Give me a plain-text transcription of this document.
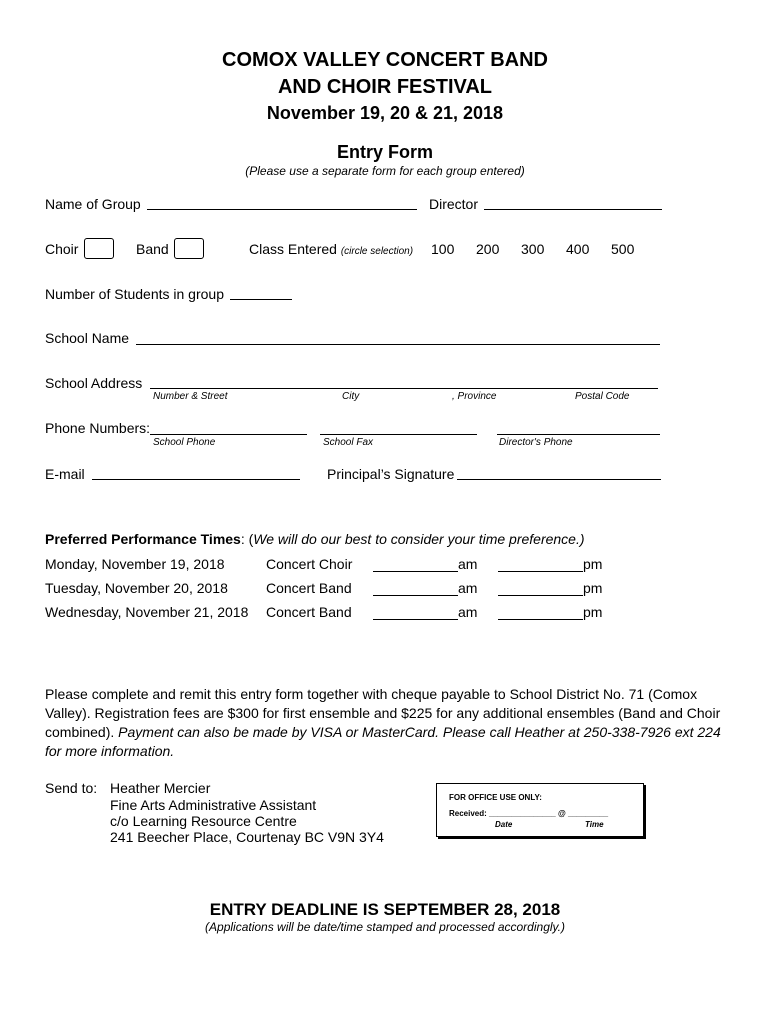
COMOX VALLEY CONCERT BAND
AND CHOIR FESTIVAL
November 19, 20 & 21, 2018
Entry Form
(Please use a separate form for each group entered)
Name of Group	Director
Choir	Band	Class Entered (circle selection) 100 200 300 400 500
Number of Students in group
School Name
School Address
Number & Street	City	, Province	Postal Code
Phone Numbers:
School Phone	School Fax	Director's Phone
E-mail	Principal’s Signature
Preferred Performance Times: (We will do our best to consider your time preference.)
Monday, November 19, 2018	Concert Choir	am	pm
Tuesday, November 20, 2018	Concert Band	am	pm
Wednesday, November 21, 2018 Concert Band	am	pm
Please complete and remit this entry form together with cheque payable to School District No. 71 (Comox Valley). Registration fees are $300 for first ensemble and $225 for any additional ensembles (Band and Choir combined). Payment can also be made by VISA or MasterCard. Please call Heather at 250-338-7926 ext 224 for more information.
Send to: Heather Mercier
Fine Arts Administrative Assistant
c/o Learning Resource Centre
241 Beecher Place, Courtenay BC V9N 3Y4
FOR OFFICE USE ONLY:
Received: _______________ @ _________
Date	Time
ENTRY DEADLINE IS SEPTEMBER 28, 2018
(Applications will be date/time stamped and processed accordingly.)
